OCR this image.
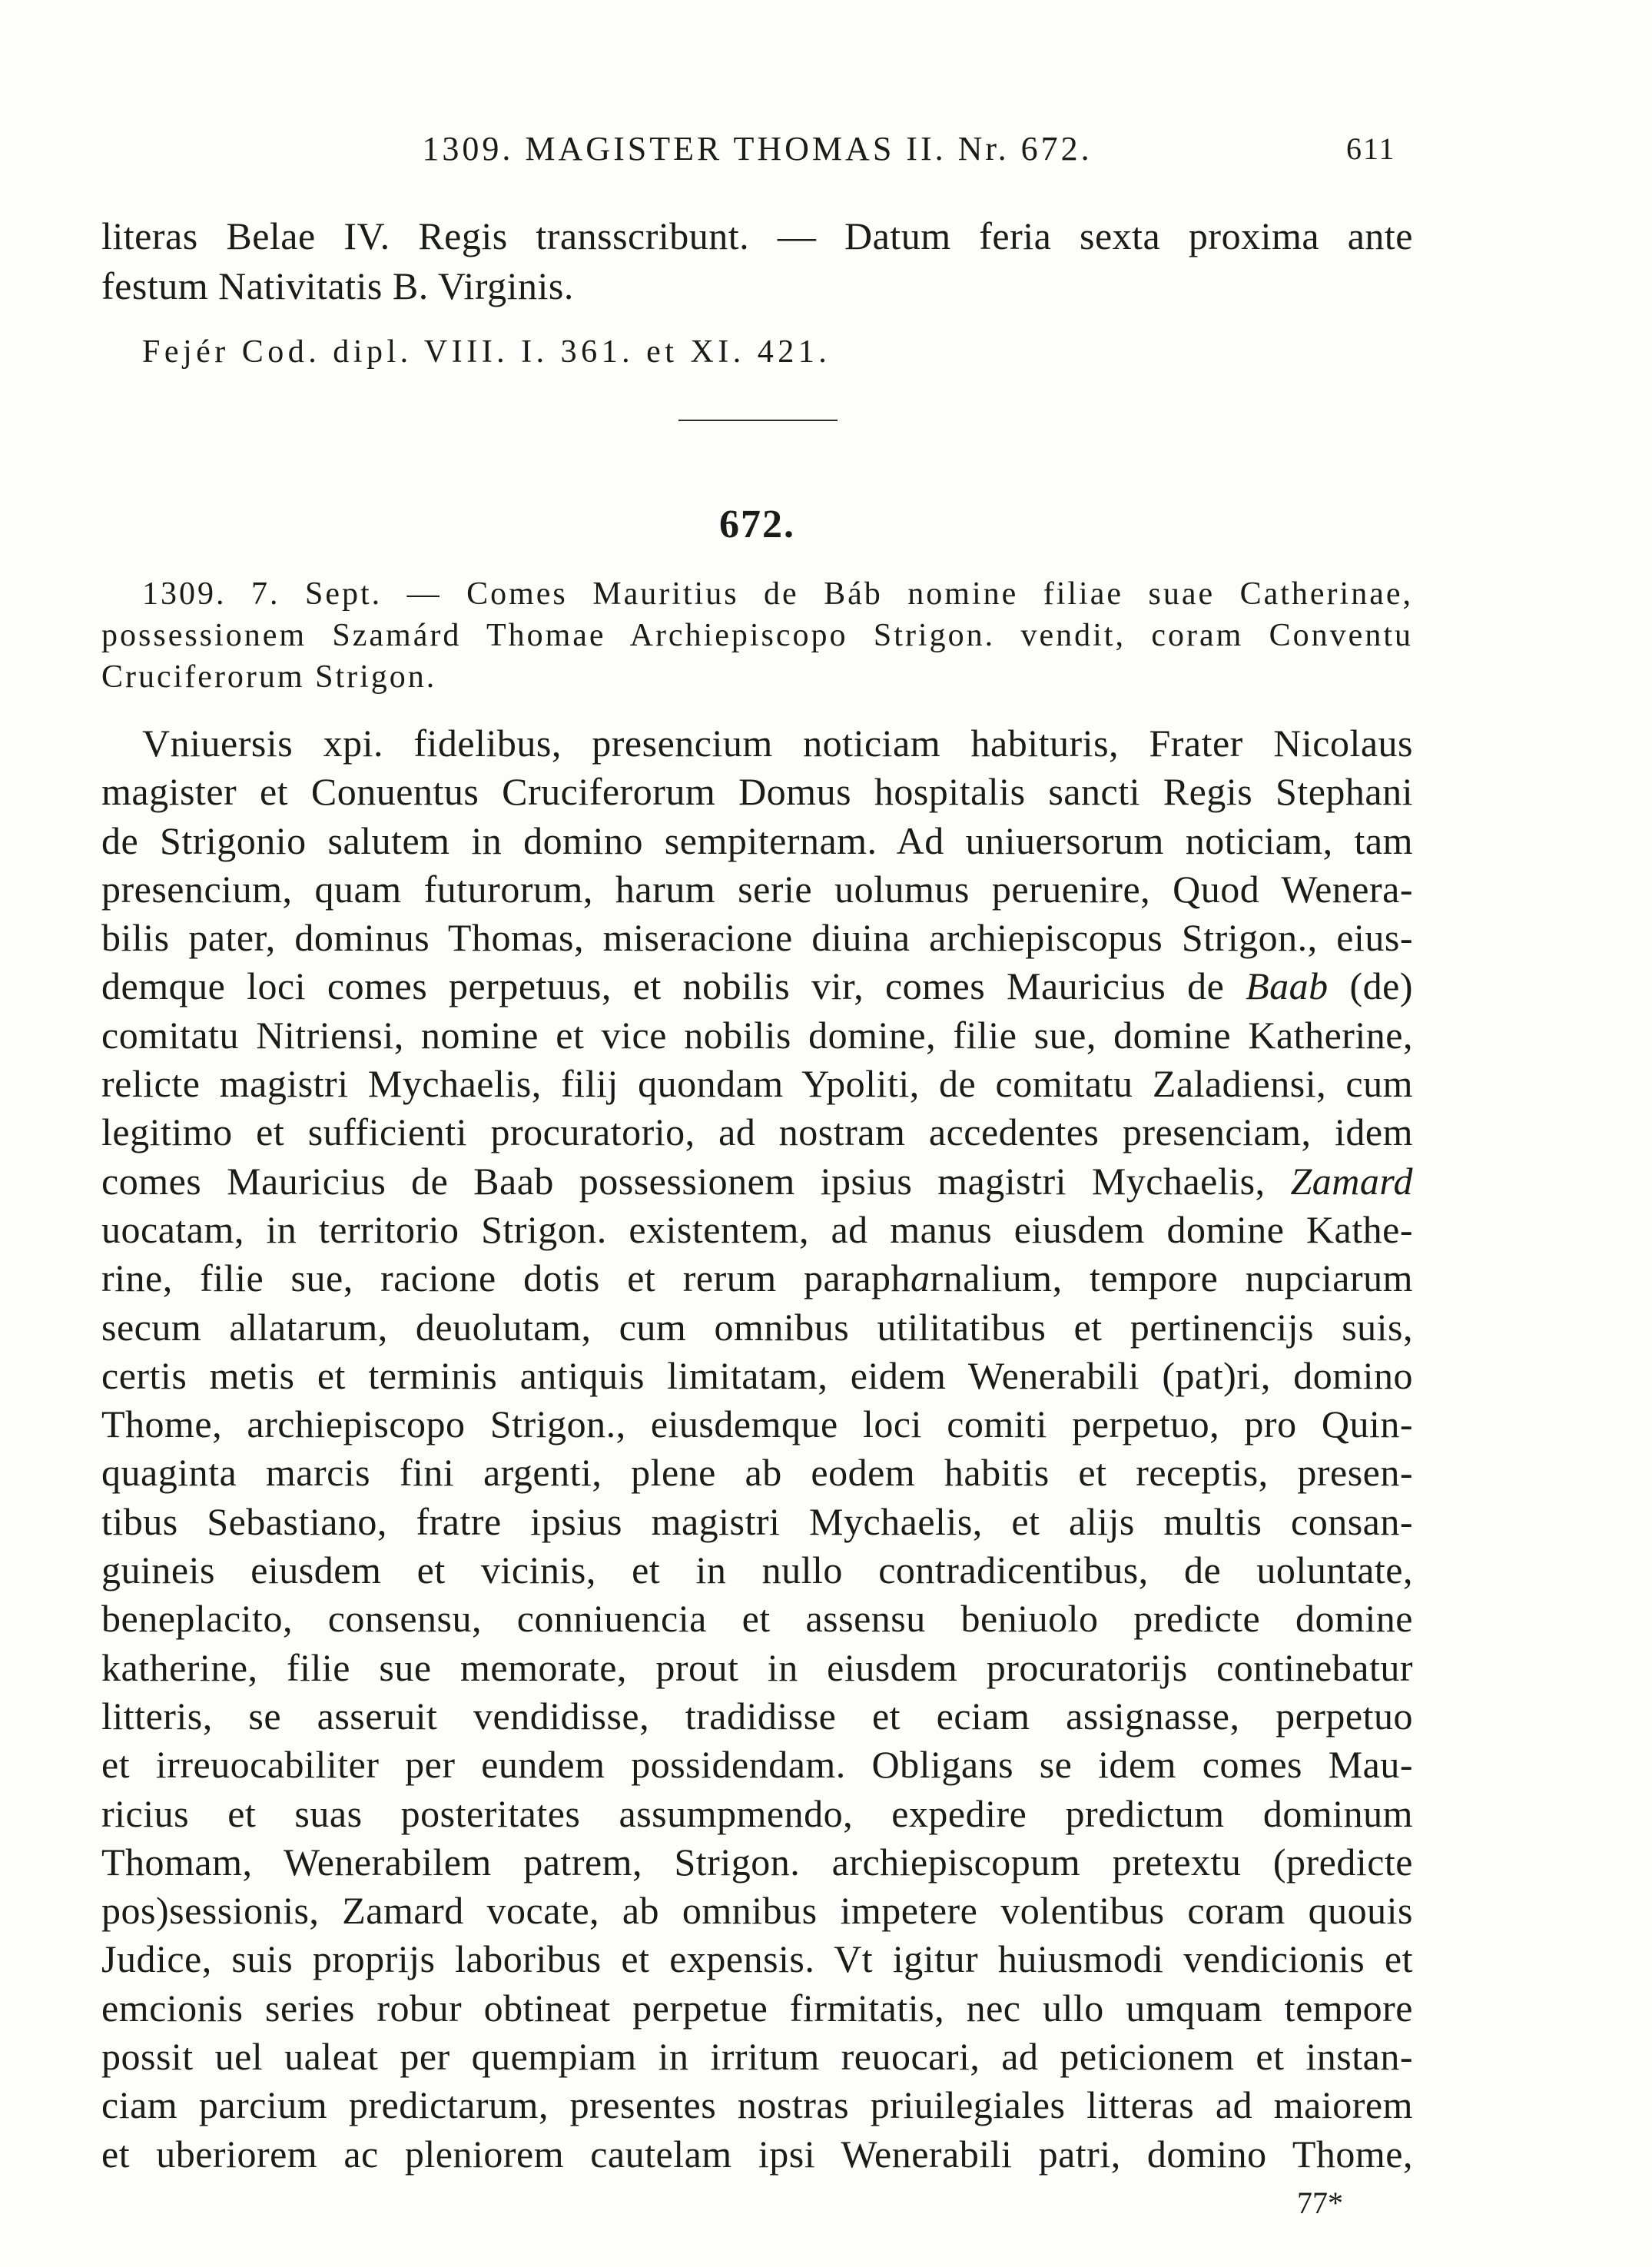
1309. MAGISTER THOMAS II. Nr. 672.	611
literas Belae IV. Regis transscribunt. — Datum feria sexta proxima ante
festum Nativitatis B. Virginis.
Fejér Cod. dipl. VIII. I. 361. et XI. 421.
672.
1309. 7. Sept. — Comes Mauritius de Báb nomine filiae suae Catherinae,
possessionem Szamárd Thomae Archiepiscopo Strigon. vendit, coram Conventu
Cruciferorum Strigon.
Vniuersis xpi. fidelibus, presencium noticiam habituris, Frater Nicolaus
magister et Conuentus Cruciferorum Domus hospitalis sancti Regis Stephani
de Strigonio salutem in domino sempiternam. Ad uniuersorum noticiam, tam
presencium, quam futurorum, harum serie uolumus peruenire, Quod Wenera-
bilis pater, dominus Thomas, miseracione diuina archiepiscopus Strigon., eius-
demque loci comes perpetuus, et nobilis vir, comes Mauricius de Baab (de)
comitatu Nitriensi, nomine et vice nobilis domine, filie sue, domine Katherine,
relicte magistri Mychaelis, filij quondam Ypoliti, de comitatu Zaladiensi, cum
legitimo et sufficienti procuratorio, ad nostram accedentes presenciam, idem
comes Mauricius de Baab possessionem ipsius magistri Mychaelis, Zamard
uocatam, in territorio Strigon. existentem, ad manus eiusdem domine Kathe-
rine, filie sue, racione dotis et rerum parapharnalium, tempore nupciarum
secum allatarum, deuolutam, cum omnibus utilitatibus et pertinencijs suis,
certis metis et terminis antiquis limitatam, eidem Wenerabili (pat)ri, domino
Thome, archiepiscopo Strigon., eiusdemque loci comiti perpetuo, pro Quin-
quaginta marcis fini argenti, plene ab eodem habitis et receptis, presen-
tibus Sebastiano, fratre ipsius magistri Mychaelis, et alijs multis consan-
guineis eiusdem et vicinis, et in nullo contradicentibus, de uoluntate,
beneplacito, consensu, conniuencia et assensu beniuolo predicte domine
katherine, filie sue memorate, prout in eiusdem procuratorijs continebatur
litteris, se asseruit vendidisse, tradidisse et eciam assignasse, perpetuo
et irreuocabiliter per eundem possidendam. Obligans se idem comes Mau-
ricius et suas posteritates assumpmendo, expedire predictum dominum
Thomam, Wenerabilem patrem, Strigon. archiepiscopum pretextu (predicte
pos)sessionis, Zamard vocate, ab omnibus impetere volentibus coram quouis
Judice, suis proprijs laboribus et expensis. Vt igitur huiusmodi vendicionis et
emcionis series robur obtineat perpetue firmitatis, nec ullo umquam tempore
possit uel ualeat per quempiam in irritum reuocari, ad peticionem et instan-
ciam parcium predictarum, presentes nostras priuilegiales litteras ad maiorem
et uberiorem ac pleniorem cautelam ipsi Wenerabili patri, domino Thome,
77*
